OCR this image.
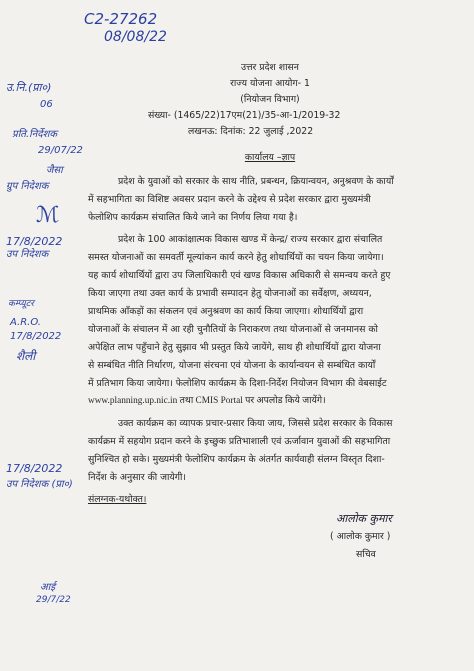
C2-27262
08/08/22
उ.नि.(प्रा०)
06
प्रति.निर्देशक
29/07/22
जैसा
ग्रुप निदेशक
ℳ
17/8/2022
उप निदेशक
कम्प्यूटर
A.R.O.
17/8/2022
शैली
17/8/2022
उप निदेशक (प्रा०)
आई
29/7/22
उत्तर प्रदेश शासन
राज्य योजना आयोग- 1
(नियोजन विभाग)
संख्या- (1465/22)17एम(21)/35-आ-1/2019-32
लखनऊ: दिनांक: 22 जुलाई ,2022
कार्यालय –ज्ञाप
प्रदेश के युवाओं को सरकार के साथ नीति, प्रबन्धन, क्रियान्वयन, अनुश्रवण के कार्यों
में सहभागिता का विशिष्ट अवसर प्रदान करने के उद्देश्य से प्रदेश सरकार द्वारा मुख्यमंत्री
फेलोशिप कार्यक्रम संचालित किये जाने का निर्णय लिया गया है।
प्रदेश के 100 आकांक्षात्मक विकास खण्ड में केन्द्र/ राज्य सरकार द्वारा संचालित
समस्त योजनाओं का समवर्ती मूल्यांकन कार्य करने हेतु शोधार्थियों का चयन किया जायेगा।
यह कार्य शोधार्थियों द्वारा उप जिलाधिकारी एवं खण्ड विकास अधिकारी से समन्वय करते हुए
किया जाएगा तथा उक्त कार्य के प्रभावी सम्पादन हेतु योजनाओं का सर्वेक्षण, अध्ययन,
प्राथमिक आँकड़ों का संकलन एवं अनुश्रवण का कार्य किया जाएगा। शोधार्थियों द्वारा
योजनाओं के संचालन में आ रही चुनौतियों के निराकरण तथा योजनाओं से जनमानस को
अपेक्षित लाभ पहुँचाने हेतु सुझाव भी प्रस्तुत किये जायेंगे, साथ ही शोधार्थियों द्वारा योजना
से सम्बंधित नीति निर्धारण, योजना संरचना एवं योजना के कार्यान्वयन से सम्बंधित कार्यों
में प्रतिभाग किया जायेगा। फेलोशिप कार्यक्रम के दिशा-निर्देश नियोजन विभाग की वेबसाईट
www.planning.up.nic.in तथा CMIS Portal पर अपलोड किये जायेंगे।
उक्त कार्यक्रम का व्यापक प्रचार-प्रसार किया जाय, जिससे प्रदेश सरकार के विकास
कार्यक्रम में सहयोग प्रदान करने के इच्छुक प्रतिभाशाली एवं ऊर्जावान युवाओं की सहभागिता
सुनिश्चित हो सके। मुख्यमंत्री फेलोशिप कार्यक्रम के अंतर्गत कार्यवाही संलग्न विस्तृत दिशा-
निर्देश के अनुसार की जायेगी।
संलग्नक-यथोक्त।
आलोक कुमार
( आलोक कुमार )
सचिव
